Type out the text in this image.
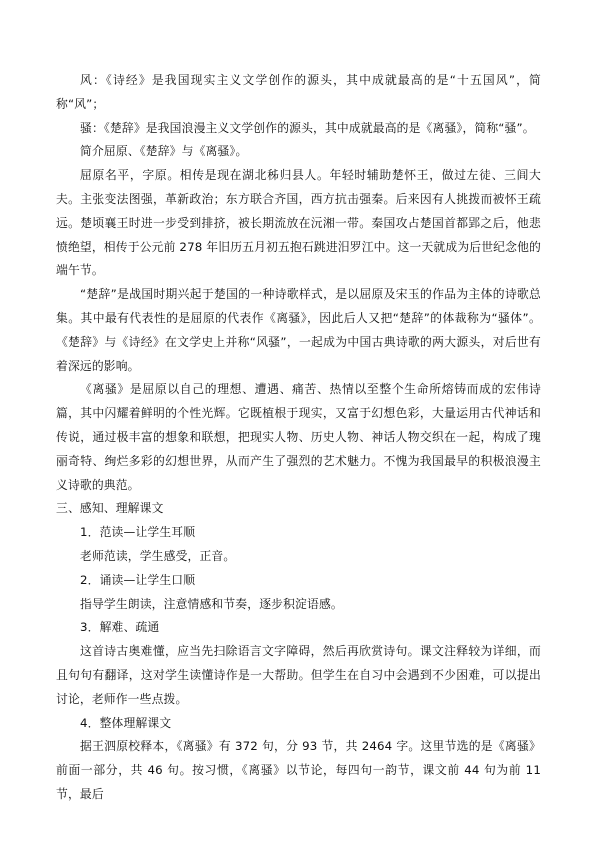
风：《诗经》是我国现实主义文学创作的源头，其中成就最高的是“十五国风”，简称“风”；

骚：《楚辞》是我国浪漫主义文学创作的源头，其中成就最高的是《离骚》，简称“骚”。

简介屈原、《楚辞》与《离骚》。

屈原名平，字原。相传是现在湖北秭归县人。年轻时辅助楚怀王，做过左徒、三闾大夫。主张变法图强，革新政治；东方联合齐国，西方抗击强秦。后来因有人挑拨而被怀王疏远。楚顷襄王时进一步受到排挤，被长期流放在沅湘一带。秦国攻占楚国首都郢之后，他悲愤绝望，相传于公元前 278 年旧历五月初五抱石跳进汨罗江中。这一天就成为后世纪念他的端午节。

“楚辞”是战国时期兴起于楚国的一种诗歌样式，是以屈原及宋玉的作品为主体的诗歌总集。其中最有代表性的是屈原的代表作《离骚》，因此后人又把“楚辞”的体裁称为“骚体”。《楚辞》与《诗经》在文学史上并称“风骚”，一起成为中国古典诗歌的两大源头，对后世有着深远的影响。

《离骚》是屈原以自己的理想、遭遇、痛苦、热情以至整个生命所熔铸而成的宏伟诗篇，其中闪耀着鲜明的个性光辉。它既植根于现实，又富于幻想色彩，大量运用古代神话和传说，通过极丰富的想象和联想，把现实人物、历史人物、神话人物交织在一起，构成了瑰丽奇特、绚烂多彩的幻想世界，从而产生了强烈的艺术魅力。不愧为我国最早的积极浪漫主义诗歌的典范。

三、感知、理解课文

1．范读—让学生耳顺

老师范读，学生感受，正音。

2．诵读—让学生口顺

指导学生朗读，注意情感和节奏，逐步积淀语感。

3．解难、疏通

这首诗古奥难懂，应当先扫除语言文字障碍，然后再欣赏诗句。课文注释较为详细，而且句句有翻译，这对学生读懂诗作是一大帮助。但学生在自习中会遇到不少困难，可以提出讨论，老师作一些点拨。

4．整体理解课文

据王泗原校释本，《离骚》有 372 句，分 93 节，共 2464 字。这里节选的是《离骚》前面一部分，共 46 句。按习惯，《离骚》以节论，每四句一韵节，课文前 44 句为前 11 节，最后
